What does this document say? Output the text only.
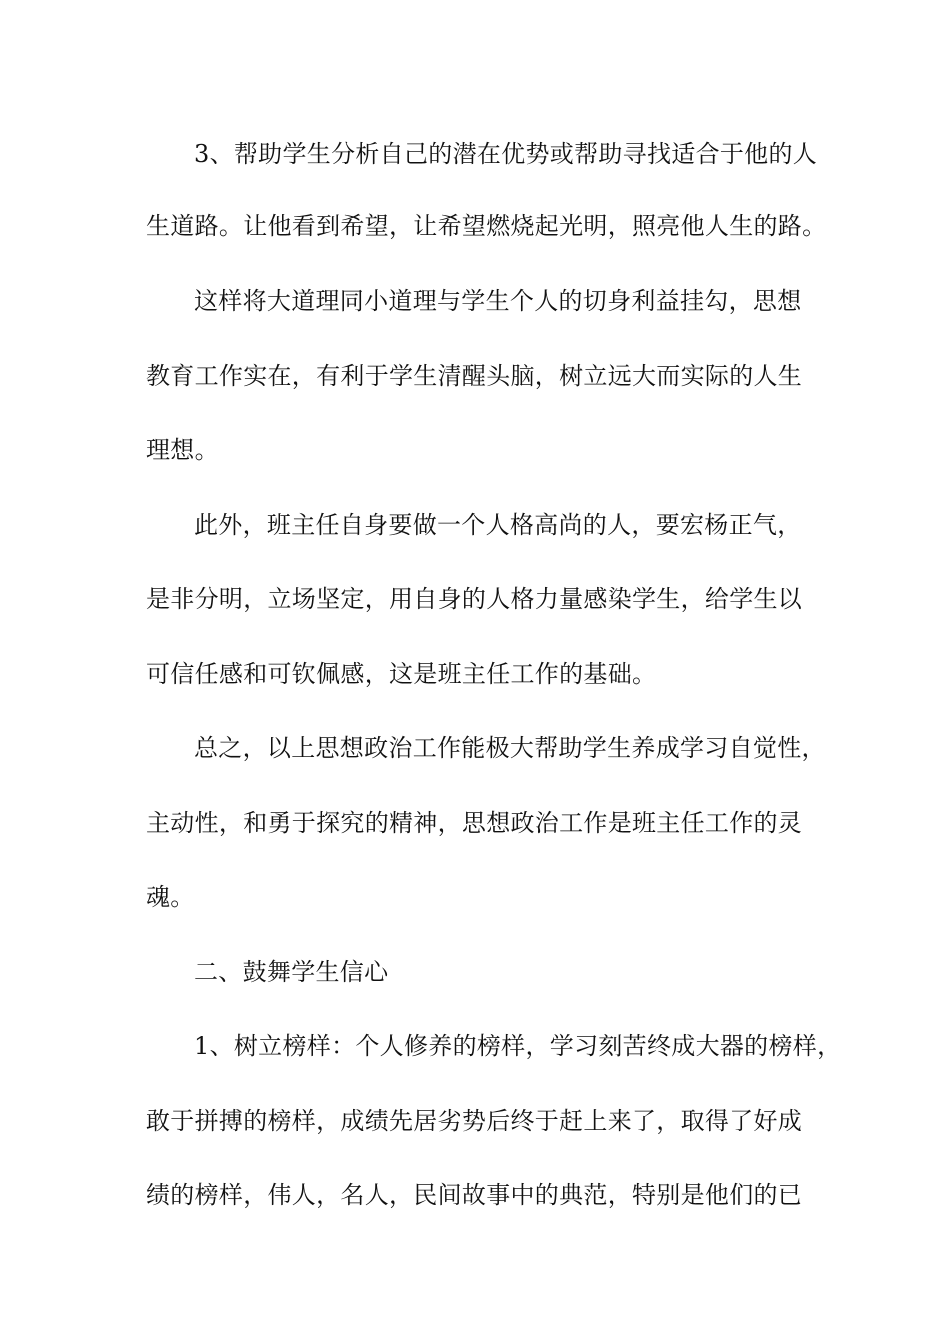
3、帮助学生分析自己的潜在优势或帮助寻找适合于他的人
生道路。让他看到希望，让希望燃烧起光明，照亮他人生的路。
这样将大道理同小道理与学生个人的切身利益挂勾，思想
教育工作实在，有利于学生清醒头脑，树立远大而实际的人生
理想。
此外，班主任自身要做一个人格高尚的人，要宏杨正气，
是非分明，立场坚定，用自身的人格力量感染学生，给学生以
可信任感和可钦佩感，这是班主任工作的基础。
总之，以上思想政治工作能极大帮助学生养成学习自觉性，
主动性，和勇于探究的精神，思想政治工作是班主任工作的灵
魂。
二、鼓舞学生信心
1、树立榜样：个人修养的榜样，学习刻苦终成大器的榜样，
敢于拼搏的榜样，成绩先居劣势后终于赶上来了，取得了好成
绩的榜样，伟人，名人，民间故事中的典范，特别是他们的已
